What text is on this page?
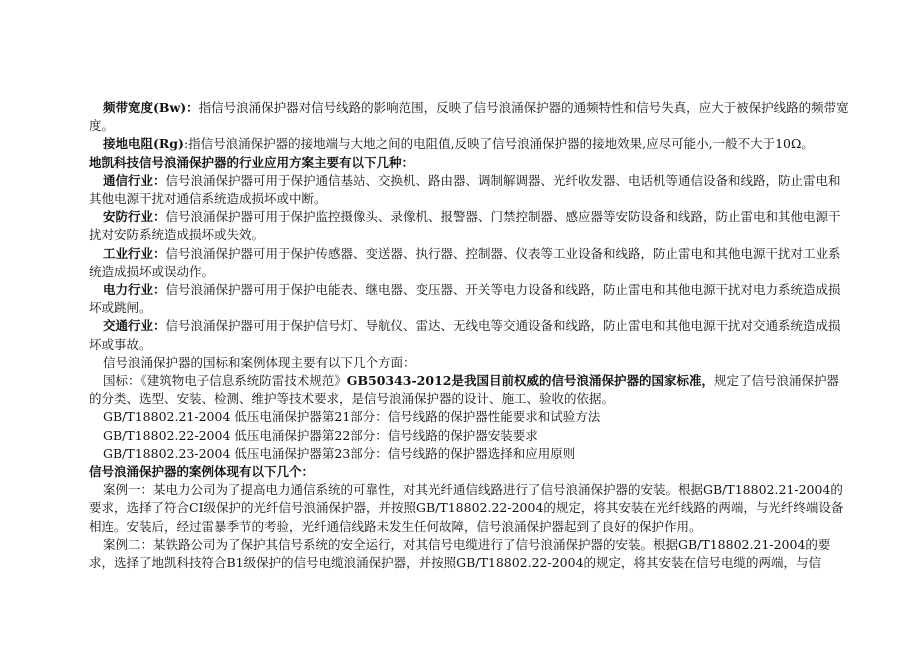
频带宽度(Bw)：指信号浪涌保护器对信号线路的影响范围，反映了信号浪涌保护器的通频特性和信号失真，应大于被保护线路的频带宽度。

接地电阻(Rg):指信号浪涌保护器的接地端与大地之间的电阻值,反映了信号浪涌保护器的接地效果,应尽可能小,一般不大于10Ω。

地凯科技信号浪涌保护器的行业应用方案主要有以下几种：

通信行业：信号浪涌保护器可用于保护通信基站、交换机、路由器、调制解调器、光纤收发器、电话机等通信设备和线路，防止雷电和其他电源干扰对通信系统造成损坏或中断。

安防行业：信号浪涌保护器可用于保护监控摄像头、录像机、报警器、门禁控制器、感应器等安防设备和线路，防止雷电和其他电源干扰对安防系统造成损坏或失效。

工业行业：信号浪涌保护器可用于保护传感器、变送器、执行器、控制器、仪表等工业设备和线路，防止雷电和其他电源干扰对工业系统造成损坏或误动作。

电力行业：信号浪涌保护器可用于保护电能表、继电器、变压器、开关等电力设备和线路，防止雷电和其他电源干扰对电力系统造成损坏或跳闸。

交通行业：信号浪涌保护器可用于保护信号灯、导航仪、雷达、无线电等交通设备和线路，防止雷电和其他电源干扰对交通系统造成损坏或事故。

信号浪涌保护器的国标和案例体现主要有以下几个方面：

国标：《建筑物电子信息系统防雷技术规范》GB50343-2012是我国目前权威的信号浪涌保护器的国家标准，规定了信号浪涌保护器的分类、选型、安装、检测、维护等技术要求，是信号浪涌保护器的设计、施工、验收的依据。

GB/T18802.21-2004 低压电涌保护器第21部分：信号线路的保护器性能要求和试验方法

GB/T18802.22-2004 低压电涌保护器第22部分：信号线路的保护器安装要求

GB/T18802.23-2004 低压电涌保护器第23部分：信号线路的保护器选择和应用原则

信号浪涌保护器的案例体现有以下几个：

案例一：某电力公司为了提高电力通信系统的可靠性，对其光纤通信线路进行了信号浪涌保护器的安装。根据GB/T18802.21-2004的要求，选择了符合CI级保护的光纤信号浪涌保护器，并按照GB/T18802.22-2004的规定，将其安装在光纤线路的两端，与光纤终端设备相连。安装后，经过雷暴季节的考验，光纤通信线路未发生任何故障，信号浪涌保护器起到了良好的保护作用。

案例二：某铁路公司为了保护其信号系统的安全运行，对其信号电缆进行了信号浪涌保护器的安装。根据GB/T18802.21-2004的要求，选择了地凯科技符合B1级保护的信号电缆浪涌保护器，并按照GB/T18802.22-2004的规定，将其安装在信号电缆的两端，与信
